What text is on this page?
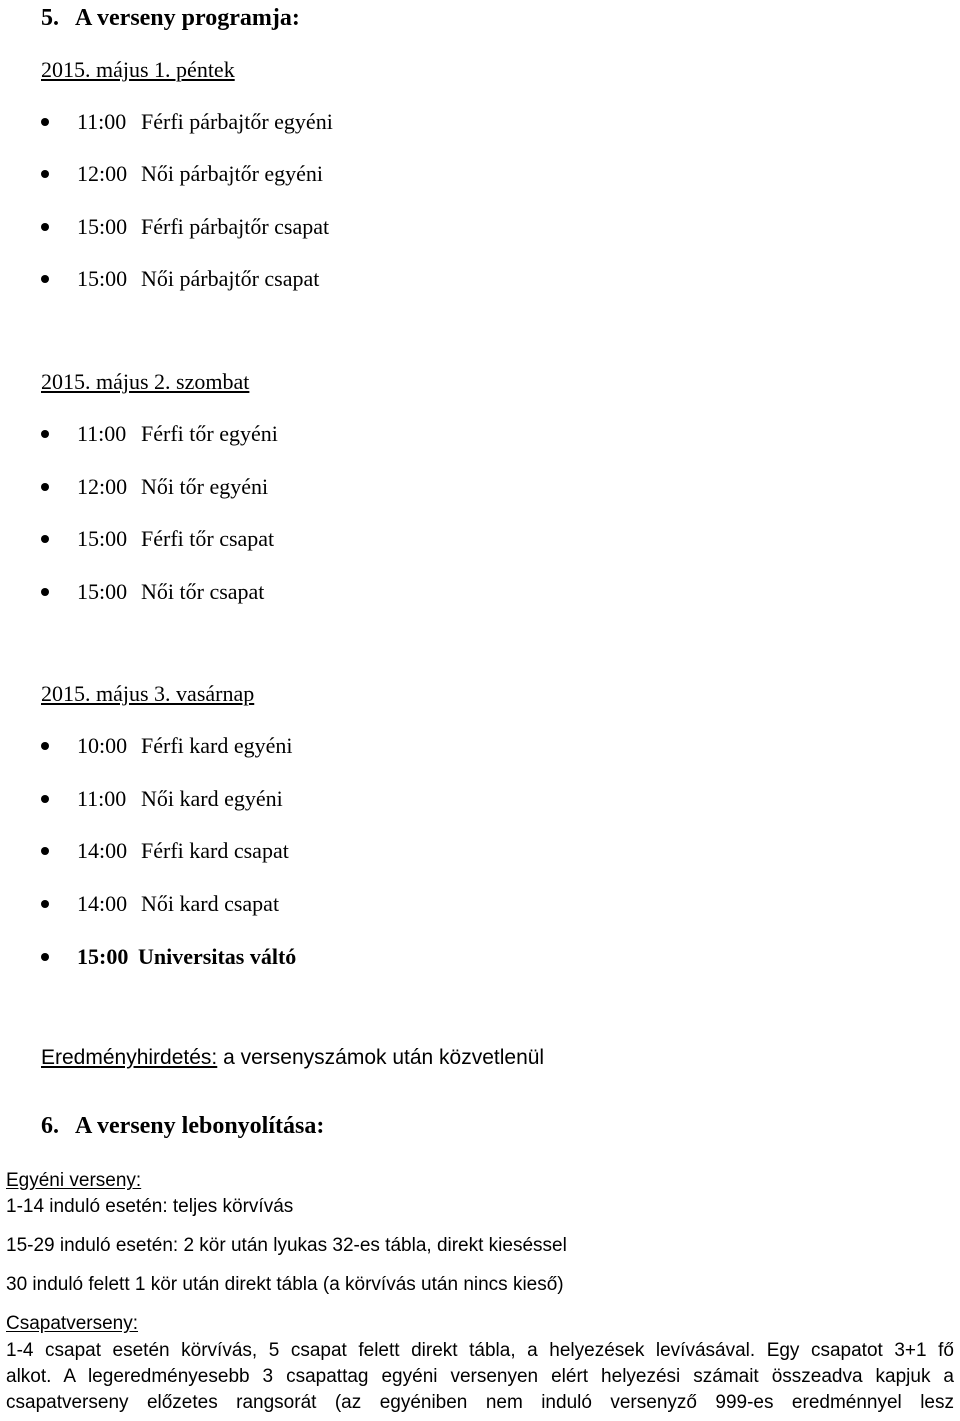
5. A verseny programja:
2015. május 1. péntek
11:00 Férfi párbajtőr egyéni
12:00 Női párbajtőr egyéni
15:00 Férfi párbajtőr csapat
15:00 Női párbajtőr csapat
2015. május 2. szombat
11:00 Férfi tőr egyéni
12:00 Női tőr egyéni
15:00 Férfi tőr csapat
15:00 Női tőr csapat
2015. május 3. vasárnap
10:00 Férfi kard egyéni
11:00 Női kard egyéni
14:00 Férfi kard csapat
14:00 Női kard csapat
15:00 Universitas váltó
Eredményhirdetés: a versenyszámok után közvetlenül
6. A verseny lebonyolítása:
Egyéni verseny:
1-14 induló esetén: teljes körvívás
15-29 induló esetén: 2 kör után lyukas 32-es tábla, direkt kieséssel
30 induló felett 1 kör után direkt tábla (a körvívás után nincs kieső)
Csapatverseny:
1-4 csapat esetén körvívás, 5 csapat felett direkt tábla, a helyezések levívásával. Egy csapatot 3+1 fő
alkot. A legeredményesebb 3 csapattag egyéni versenyen elért helyezési számait összeadva kapjuk a
csapatverseny előzetes rangsorát (az egyéniben nem induló versenyző 999-es eredménnyel lesz
